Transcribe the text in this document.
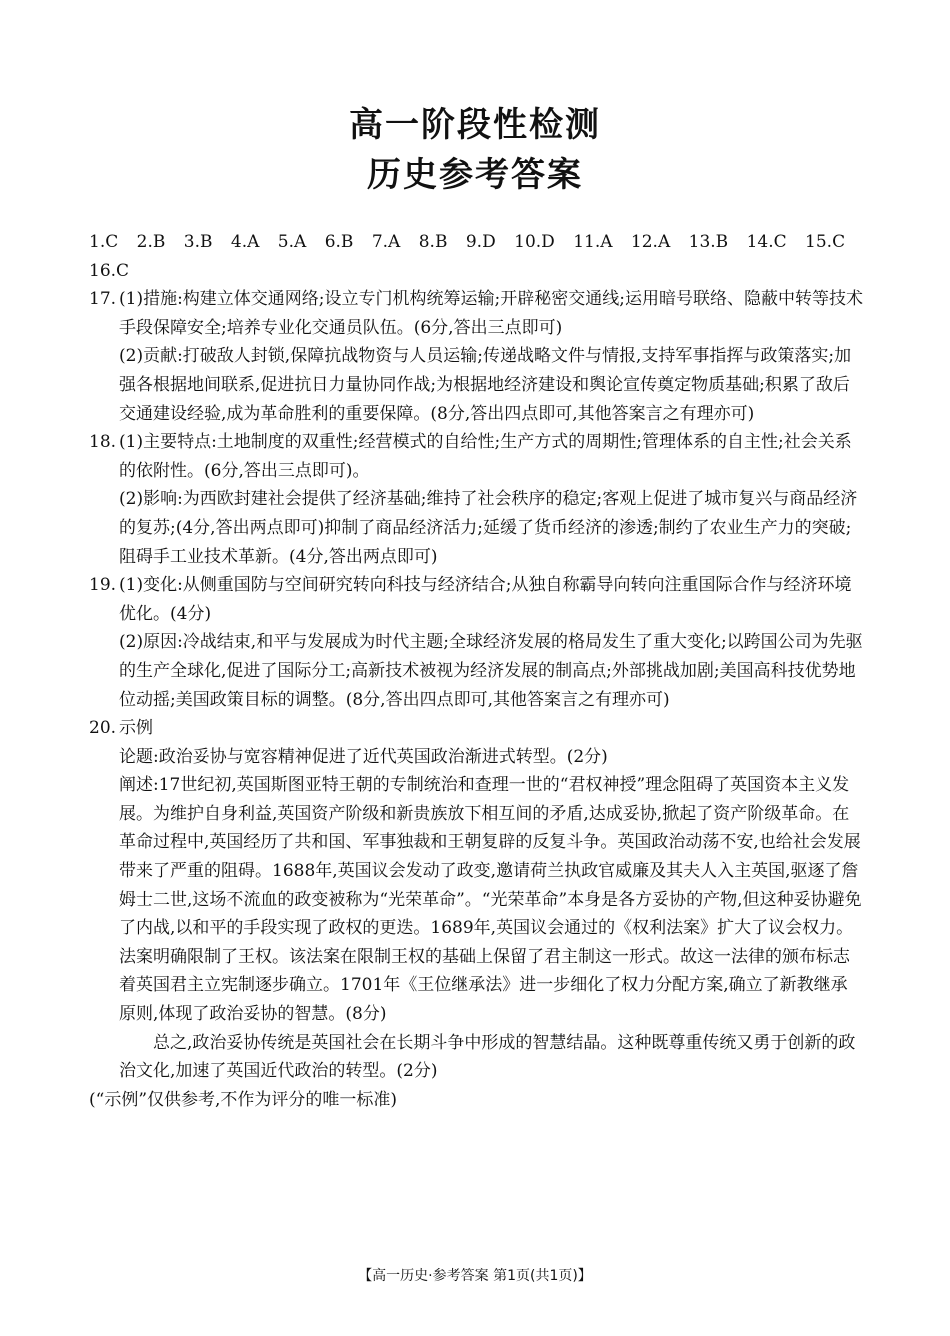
高一阶段性检测
历史参考答案

1.C 2.B 3.B 4.A 5.A 6.B 7.A 8.B 9.D 10.D 11.A 12.A 13.B 14.C 15.C 16.C

17. (1)措施:构建立体交通网络;设立专门机构统筹运输;开辟秘密交通线;运用暗号联络、隐蔽中转等技术手段保障安全;培养专业化交通员队伍。(6分,答出三点即可)

(2)贡献:打破敌人封锁,保障抗战物资与人员运输;传递战略文件与情报,支持军事指挥与政策落实;加强各根据地间联系,促进抗日力量协同作战;为根据地经济建设和舆论宣传奠定物质基础;积累了敌后交通建设经验,成为革命胜利的重要保障。(8分,答出四点即可,其他答案言之有理亦可)

18. (1)主要特点:土地制度的双重性;经营模式的自给性;生产方式的周期性;管理体系的自主性;社会关系的依附性。(6分,答出三点即可)。

(2)影响:为西欧封建社会提供了经济基础;维持了社会秩序的稳定;客观上促进了城市复兴与商品经济的复苏;(4分,答出两点即可)抑制了商品经济活力;延缓了货币经济的渗透;制约了农业生产力的突破;阻碍手工业技术革新。(4分,答出两点即可)

19. (1)变化:从侧重国防与空间研究转向科技与经济结合;从独自称霸导向转向注重国际合作与经济环境优化。(4分)

(2)原因:冷战结束,和平与发展成为时代主题;全球经济发展的格局发生了重大变化;以跨国公司为先驱的生产全球化,促进了国际分工;高新技术被视为经济发展的制高点;外部挑战加剧;美国高科技优势地位动摇;美国政策目标的调整。(8分,答出四点即可,其他答案言之有理亦可)

20. 示例

论题:政治妥协与宽容精神促进了近代英国政治渐进式转型。(2分)

阐述:17世纪初,英国斯图亚特王朝的专制统治和查理一世的“君权神授”理念阻碍了英国资本主义发展。为维护自身利益,英国资产阶级和新贵族放下相互间的矛盾,达成妥协,掀起了资产阶级革命。在革命过程中,英国经历了共和国、军事独裁和王朝复辟的反复斗争。英国政治动荡不安,也给社会发展带来了严重的阻碍。1688年,英国议会发动了政变,邀请荷兰执政官威廉及其夫人入主英国,驱逐了詹姆士二世,这场不流血的政变被称为“光荣革命”。“光荣革命”本身是各方妥协的产物,但这种妥协避免了内战,以和平的手段实现了政权的更迭。1689年,英国议会通过的《权利法案》扩大了议会权力。法案明确限制了王权。该法案在限制王权的基础上保留了君主制这一形式。故这一法律的颁布标志着英国君主立宪制逐步确立。1701年《王位继承法》进一步细化了权力分配方案,确立了新教继承原则,体现了政治妥协的智慧。(8分)

总之,政治妥协传统是英国社会在长期斗争中形成的智慧结晶。这种既尊重传统又勇于创新的政治文化,加速了英国近代政治的转型。(2分)

(“示例”仅供参考,不作为评分的唯一标准)

【高一历史·参考答案 第1页(共1页)】
